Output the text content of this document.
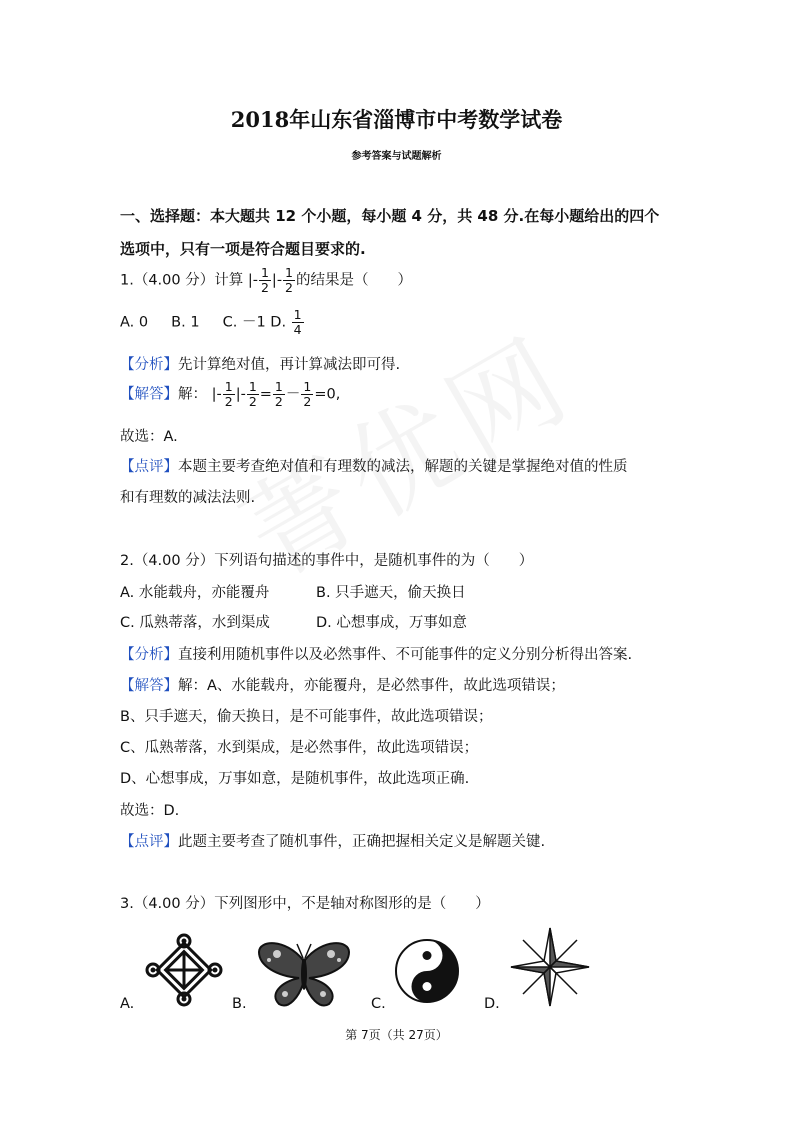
2018年山东省淄博市中考数学试卷
参考答案与试题解析
一、选择题：本大题共 12 个小题，每小题 4 分，共 48 分.在每小题给出的四个
选项中，只有一项是符合题目要求的.
1.（4.00 分）计算 |- $\frac{1}{2}$ |- $\frac{1}{2}$ 的结果是（　　）
A. 0 B. 1 C. －1 D. $\frac{1}{4}$
【分析】先计算绝对值，再计算减法即可得.
【解答】解： |- $\frac{1}{2}$ |- $\frac{1}{2} = \frac{1}{2} - \frac{1}{2} =0$,
故选：A.
【点评】本题主要考查绝对值和有理数的减法，解题的关键是掌握绝对值的性质
和有理数的减法法则.
2.（4.00 分）下列语句描述的事件中，是随机事件的为（　　）
A. 水能载舟，亦能覆舟	B. 只手遮天，偷天换日
C. 瓜熟蒂落，水到渠成	D. 心想事成，万事如意
【分析】直接利用随机事件以及必然事件、不可能事件的定义分别分析得出答案.
【解答】解：A、水能载舟，亦能覆舟，是必然事件，故此选项错误；
B、只手遮天，偷天换日，是不可能事件，故此选项错误；
C、瓜熟蒂落，水到渠成，是必然事件，故此选项错误；
D、心想事成，万事如意，是随机事件，故此选项正确.
故选：D.
【点评】此题主要考查了随机事件，正确把握相关定义是解题关键.
3.（4.00 分）下列图形中，不是轴对称图形的是（　　）
A.	B.	C.	D.
第 7页（共 27页）
